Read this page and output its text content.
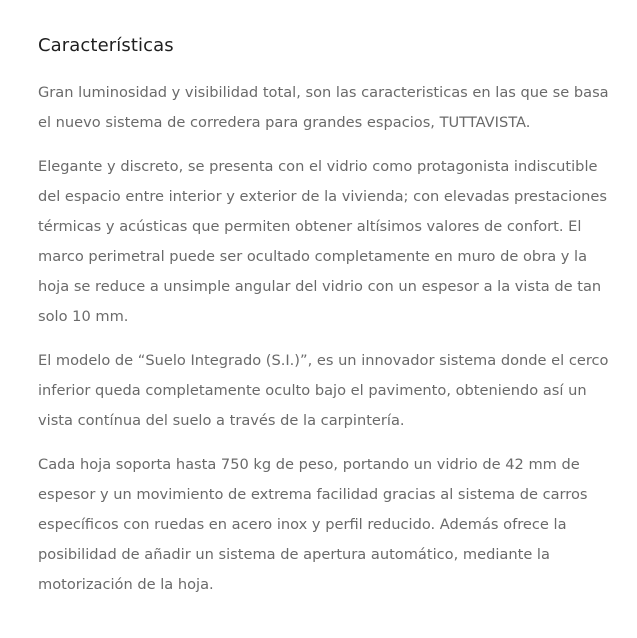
Características

Gran luminosidad y visibilidad total, son las caracteristicas en las que se basa el nuevo sistema de corredera para grandes espacios, TUTTAVISTA.

Elegante y discreto, se presenta con el vidrio como protagonista indiscutible del espacio entre interior y exterior de la vivienda; con elevadas prestaciones térmicas y acústicas que permiten obtener altísimos valores de confort. El marco perimetral puede ser ocultado completamente en muro de obra y la hoja se reduce a unsimple angular del vidrio con un espesor a la vista de tan solo 10 mm.

El modelo de “Suelo Integrado (S.I.)”, es un innovador sistema donde el cerco inferior queda completamente oculto bajo el pavimento, obteniendo así un vista contínua del suelo a través de la carpintería.

Cada hoja soporta hasta 750 kg de peso, portando un vidrio de 42 mm de espesor y un movimiento de extrema facilidad gracias al sistema de carros específicos con ruedas en acero inox y perfil reducido. Además ofrece la posibilidad de añadir un sistema de apertura automático, mediante la motorización de la hoja.
